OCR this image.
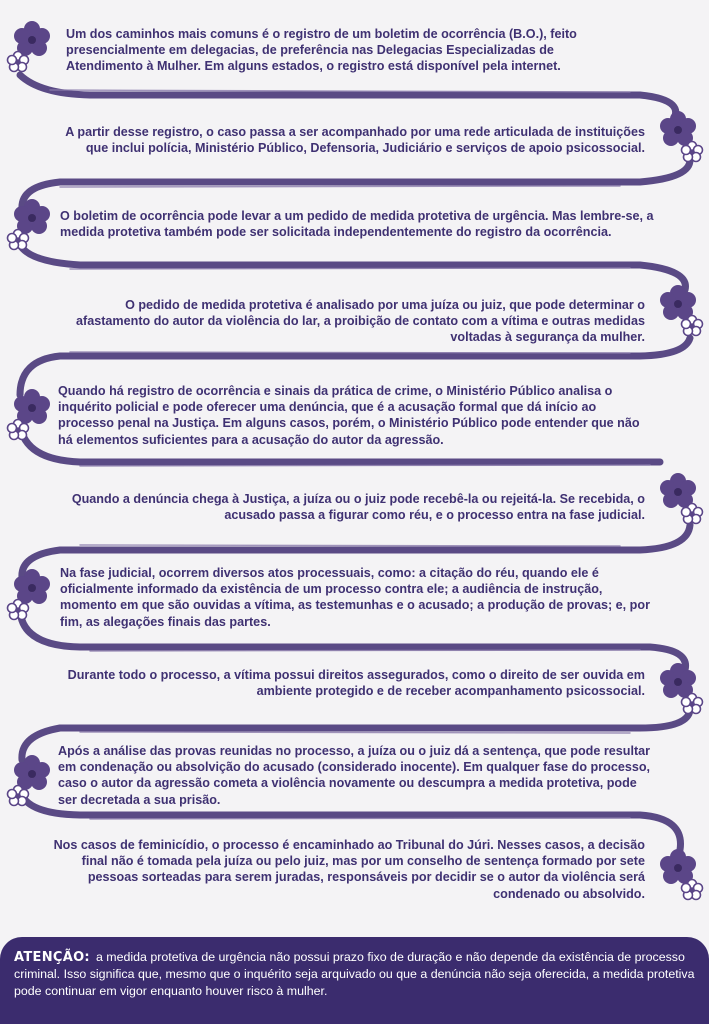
Um dos caminhos mais comuns é o registro de um boletim de ocorrência (B.O.), feito presencialmente em delegacias, de preferência nas Delegacias Especializadas de Atendimento à Mulher. Em alguns estados, o registro está disponível pela internet.

A partir desse registro, o caso passa a ser acompanhado por uma rede articulada de instituições que inclui polícia, Ministério Público, Defensoria, Judiciário e serviços de apoio psicossocial.

O boletim de ocorrência pode levar a um pedido de medida protetiva de urgência. Mas lembre-se, a medida protetiva também pode ser solicitada independentemente do registro da ocorrência.

O pedido de medida protetiva é analisado por uma juíza ou juiz, que pode determinar o afastamento do autor da violência do lar, a proibição de contato com a vítima e outras medidas voltadas à segurança da mulher.

Quando há registro de ocorrência e sinais da prática de crime, o Ministério Público analisa o inquérito policial e pode oferecer uma denúncia, que é a acusação formal que dá início ao processo penal na Justiça. Em alguns casos, porém, o Ministério Público pode entender que não há elementos suficientes para a acusação do autor da agressão.

Quando a denúncia chega à Justiça, a juíza ou o juiz pode recebê-la ou rejeitá-la. Se recebida, o acusado passa a figurar como réu, e o processo entra na fase judicial.

Na fase judicial, ocorrem diversos atos processuais, como: a citação do réu, quando ele é oficialmente informado da existência de um processo contra ele; a audiência de instrução, momento em que são ouvidas a vítima, as testemunhas e o acusado; a produção de provas; e, por fim, as alegações finais das partes.

Durante todo o processo, a vítima possui direitos assegurados, como o direito de ser ouvida em ambiente protegido e de receber acompanhamento psicossocial.

Após a análise das provas reunidas no processo, a juíza ou o juiz dá a sentença, que pode resultar em condenação ou absolvição do acusado (considerado inocente). Em qualquer fase do processo, caso o autor da agressão cometa a violência novamente ou descumpra a medida protetiva, pode ser decretada a sua prisão.

Nos casos de feminicídio, o processo é encaminhado ao Tribunal do Júri. Nesses casos, a decisão final não é tomada pela juíza ou pelo juiz, mas por um conselho de sentença formado por sete pessoas sorteadas para serem juradas, responsáveis por decidir se o autor da violência será condenado ou absolvido.

ATENÇÃO: a medida protetiva de urgência não possui prazo fixo de duração e não depende da existência de processo criminal. Isso significa que, mesmo que o inquérito seja arquivado ou que a denúncia não seja oferecida, a medida protetiva pode continuar em vigor enquanto houver risco à mulher.
